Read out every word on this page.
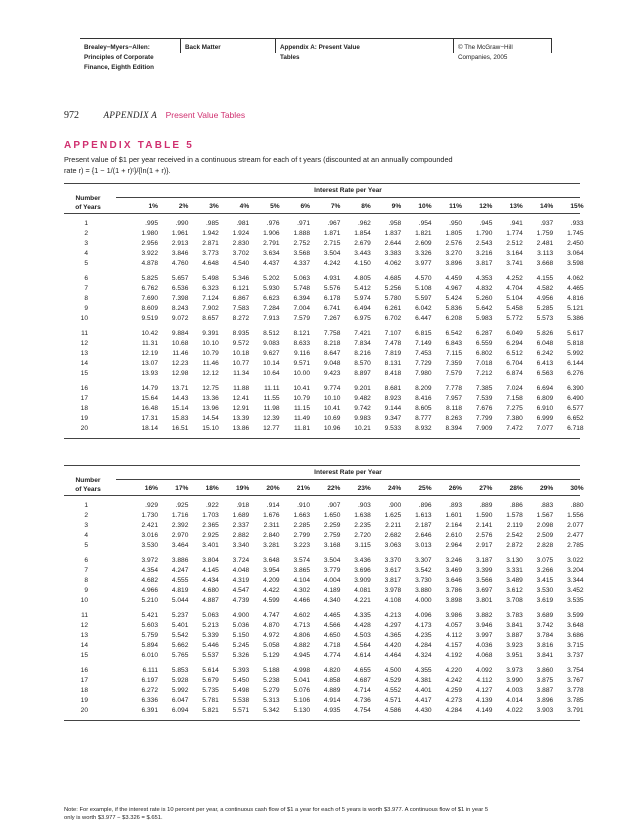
Brealey−Myers−Allen:
Principles of Corporate
Finance, Eighth Edition
Back Matter	Appendix A: Present Value
Tables
© The McGraw−Hill
Companies, 2005
972	APPENDIX A Present Value Tables
APPENDIX TABLE 5
Present value of $1 per year received in a continuous stream for each of t years (discounted at an annually compounded
rate r) = {1 − 1/(1 + r)ᵗ}/{ln(1 + r)}.
Interest Rate per Year
Number
of Years	1%	2%	3%	4%	5%	6%	7%	8%	9%	10%	11%	12%	13%	14%	15%
1	.995	.990	.985	.981	.976	.971	.967	.962	.958	.954	.950	.945	.941	.937	.933
2	1.980	1.961	1.942	1.924	1.906	1.888	1.871	1.854	1.837	1.821	1.805	1.790	1.774	1.759	1.745
3	2.956	2.913	2.871	2.830	2.791	2.752	2.715	2.679	2.644	2.609	2.576	2.543	2.512	2.481	2.450
4	3.922	3.846	3.773	3.702	3.634	3.568	3.504	3.443	3.383	3.326	3.270	3.216	3.164	3.113	3.064
5	4.878	4.760	4.648	4.540	4.437	4.337	4.242	4.150	4.062	3.977	3.896	3.817	3.741	3.668	3.598
6	5.825	5.657	5.498	5.346	5.202	5.063	4.931	4.805	4.685	4.570	4.459	4.353	4.252	4.155	4.062
7	6.762	6.536	6.323	6.121	5.930	5.748	5.576	5.412	5.256	5.108	4.967	4.832	4.704	4.582	4.465
8	7.690	7.398	7.124	6.867	6.623	6.394	6.178	5.974	5.780	5.597	5.424	5.260	5.104	4.956	4.816
9	8.609	8.243	7.902	7.583	7.284	7.004	6.741	6.494	6.261	6.042	5.836	5.642	5.458	5.285	5.121
10	9.519	9.072	8.657	8.272	7.913	7.579	7.267	6.975	6.702	6.447	6.208	5.983	5.772	5.573	5.386
11	10.42	9.884	9.391	8.935	8.512	8.121	7.758	7.421	7.107	6.815	6.542	6.287	6.049	5.826	5.617
12	11.31	10.68	10.10	9.572	9.083	8.633	8.218	7.834	7.478	7.149	6.843	6.559	6.294	6.048	5.818
13	12.19	11.46	10.79	10.18	9.627	9.116	8.647	8.216	7.819	7.453	7.115	6.802	6.512	6.242	5.992
14	13.07	12.23	11.46	10.77	10.14	9.571	9.048	8.570	8.131	7.729	7.359	7.018	6.704	6.413	6.144
15	13.93	12.98	12.12	11.34	10.64	10.00	9.423	8.897	8.418	7.980	7.579	7.212	6.874	6.563	6.276
16	14.79	13.71	12.75	11.88	11.11	10.41	9.774	9.201	8.681	8.209	7.778	7.385	7.024	6.694	6.390
17	15.64	14.43	13.36	12.41	11.55	10.79	10.10	9.482	8.923	8.416	7.957	7.539	7.158	6.809	6.490
18	16.48	15.14	13.96	12.91	11.98	11.15	10.41	9.742	9.144	8.605	8.118	7.676	7.275	6.910	6.577
19	17.31	15.83	14.54	13.39	12.39	11.49	10.69	9.983	9.347	8.777	8.263	7.799	7.380	6.999	6.652
20	18.14	16.51	15.10	13.86	12.77	11.81	10.96	10.21	9.533	8.932	8.394	7.909	7.472	7.077	6.718
Interest Rate per Year
Number
of Years	16%	17%	18%	19%	20%	21%	22%	23%	24%	25%	26%	27%	28%	29%	30%
1	.929	.925	.922	.918	.914	.910	.907	.903	.900	.896	.893	.889	.886	.883	.880
2	1.730	1.716	1.703	1.689	1.676	1.663	1.650	1.638	1.625	1.613	1.601	1.590	1.578	1.567	1.556
3	2.421	2.392	2.365	2.337	2.311	2.285	2.259	2.235	2.211	2.187	2.164	2.141	2.119	2.098	2.077
4	3.016	2.970	2.925	2.882	2.840	2.799	2.759	2.720	2.682	2.646	2.610	2.576	2.542	2.509	2.477
5	3.530	3.464	3.401	3.340	3.281	3.223	3.168	3.115	3.063	3.013	2.964	2.917	2.872	2.828	2.785
6	3.972	3.886	3.804	3.724	3.648	3.574	3.504	3.436	3.370	3.307	3.246	3.187	3.130	3.075	3.022
7	4.354	4.247	4.145	4.048	3.954	3.865	3.779	3.696	3.617	3.542	3.469	3.399	3.331	3.266	3.204
8	4.682	4.555	4.434	4.319	4.209	4.104	4.004	3.909	3.817	3.730	3.646	3.566	3.489	3.415	3.344
9	4.966	4.819	4.680	4.547	4.422	4.302	4.189	4.081	3.978	3.880	3.786	3.697	3.612	3.530	3.452
10	5.210	5.044	4.887	4.739	4.599	4.466	4.340	4.221	4.108	4.000	3.898	3.801	3.708	3.619	3.535
11	5.421	5.237	5.063	4.900	4.747	4.602	4.465	4.335	4.213	4.096	3.986	3.882	3.783	3.689	3.599
12	5.603	5.401	5.213	5.036	4.870	4.713	4.566	4.428	4.297	4.173	4.057	3.946	3.841	3.742	3.648
13	5.759	5.542	5.339	5.150	4.972	4.806	4.650	4.503	4.365	4.235	4.112	3.997	3.887	3.784	3.686
14	5.894	5.662	5.446	5.245	5.058	4.882	4.718	4.564	4.420	4.284	4.157	4.036	3.923	3.816	3.715
15	6.010	5.765	5.537	5.326	5.129	4.945	4.774	4.614	4.464	4.324	4.192	4.068	3.951	3.841	3.737
16	6.111	5.853	5.614	5.393	5.188	4.998	4.820	4.655	4.500	4.355	4.220	4.092	3.973	3.860	3.754
17	6.197	5.928	5.679	5.450	5.238	5.041	4.858	4.687	4.529	4.381	4.242	4.112	3.990	3.875	3.767
18	6.272	5.992	5.735	5.498	5.279	5.076	4.889	4.714	4.552	4.401	4.259	4.127	4.003	3.887	3.778
19	6.336	6.047	5.781	5.538	5.313	5.106	4.914	4.736	4.571	4.417	4.273	4.139	4.014	3.896	3.785
20	6.391	6.094	5.821	5.571	5.342	5.130	4.935	4.754	4.586	4.430	4.284	4.149	4.022	3.903	3.791
Note: For example, if the interest rate is 10 percent per year, a continuous cash flow of $1 a year for each of 5 years is worth $3.977. A continuous flow of $1 in year 5
only is worth $3.977 − $3.326 = $.651.
